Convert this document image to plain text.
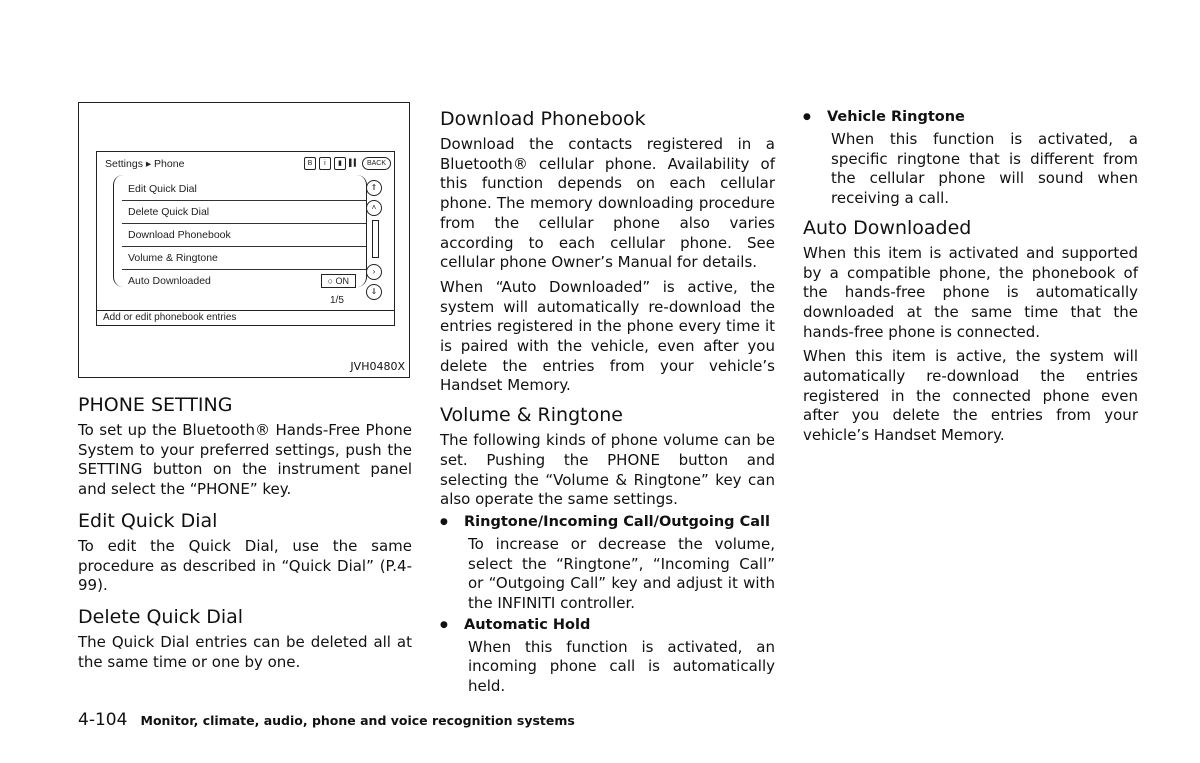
Settings ▸ Phone	B	i	▮	▌▍	BACK
Edit Quick Dial
Delete Quick Dial
Download Phonebook
Volume & Ringtone
Auto Downloaded	○ ON
⇑
˄
›
⇓
1/5
Add or edit phonebook entries
JVH0480X
PHONE SETTING

To set up the Bluetooth® Hands-Free Phone System to your preferred settings, push the SETTING button on the instrument panel and select the “PHONE” key.

Edit Quick Dial

To edit the Quick Dial, use the same procedure as described in “Quick Dial” (P.4-99).

Delete Quick Dial

The Quick Dial entries can be deleted all at the same time or one by one.

Download Phonebook

Download the contacts registered in a Bluetooth® cellular phone. Availability of this function depends on each cellular phone. The memory downloading procedure from the cellular phone also varies according to each cellular phone. See cellular phone Owner’s Manual for details.

When “Auto Downloaded” is active, the system will automatically re-download the entries registered in the phone every time it is paired with the vehicle, even after you delete the entries from your vehicle’s Handset Memory.

Volume & Ringtone

The following kinds of phone volume can be set. Pushing the PHONE button and selecting the “Volume & Ringtone” key can also operate the same settings.

● Ringtone/Incoming Call/Outgoing Call

To increase or decrease the volume, select the “Ringtone”, “Incoming Call” or “Outgoing Call” key and adjust it with the INFINITI controller.

● Automatic Hold

When this function is activated, an incoming phone call is automatically held.

● Vehicle Ringtone

When this function is activated, a specific ringtone that is different from the cellular phone will sound when receiving a call.

Auto Downloaded

When this item is activated and supported by a compatible phone, the phonebook of the hands-free phone is automatically downloaded at the same time that the hands-free phone is connected.

When this item is active, the system will automatically re-download the entries registered in the connected phone even after you delete the entries from your vehicle’s Handset Memory.

4-104 Monitor, climate, audio, phone and voice recognition systems
